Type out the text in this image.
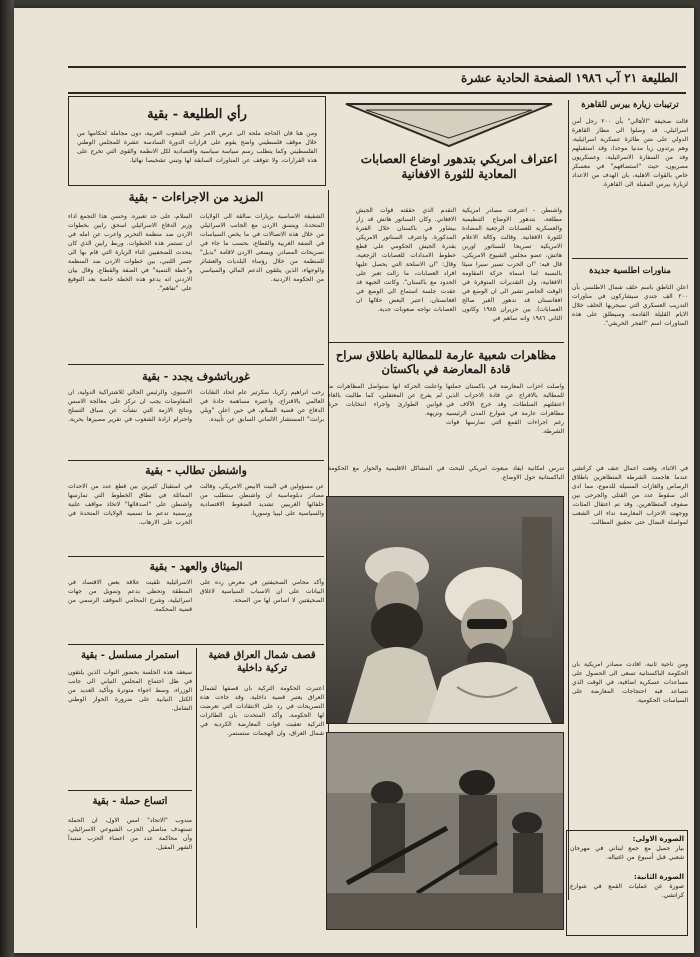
الطليعة ٢١ آب ١٩٨٦ الصفحة الحادية عشرة
ترتيبات زيارة بيرس للقاهرة
قالت صحيفة "الأهالي" بأن ٢٠٠ رجل أمن اسرائيلي، قد وصلوا الى مطار القاهرة الدولي على متن طائرة عسكرية اسرائيلية، وهم يرتدون زيا مدنيا موحدا، وقد استقبلهم وفد من السفارة الاسرائيلية، وعسكريون مصريون، حيث "استضافهم" في معسكر خاص بالقوات الاهلية، بان الهدف من الاعداد لزيارة بيرس المقبلة الى القاهرة.
مناورات اطلسية جديدة
اعلن الناطق باسم حلف شمال الاطلسي بأن ٢٠٠ الف جندي سيشاركون في مناورات التدريب العسكري التي سيجريها الحلف خلال الايام القليلة القادمة، وسيطلق على هذه المناورات اسم "الفجر الخريفي".
الصورة الاولى:
بيار جميل مع جمع لبناني في مهرجان شعبي قبل أسبوع من اغتياله.
الصورة الثانية:
صورة عن عمليات القمع في شوارع كراتشي.
اعتراف امريكي بتدهور اوضاع العصابات المعادية للثورة الافغانية
واشنطن - اعترفت مصادر امريكية مطلعة، بتدهور الاوضاع التنظيمية والعسكرية للعصابات الرجعية المضادة للثورة الافغانية. وقالت وكالة الاعلام الامريكية تصريحا للسناتور اوربن هاتش، عضو مجلس الشيوخ الامريكي، قال فيه: "ان الحرب تسير سيرا سيئا بالنسبة لما اسماه حركة المقاومة الافغانية، وان التقديرات المتوفرة في الوقت الحاضر تشير الى ان الوضع في افغانستان قد تدهور (لغير صالح العصابات). بين حزيران ١٩٨٥ وكانون الثاني ١٩٨٦ وانه ساهم في
التقدم الذي حققته قوات الجيش الافغاني. وكان السناتور هاتش قد زار بيشاور في باكستان خلال الفترة المذكورة. واعترف السناتور الامريكي بقدرة الجيش الحكومي على قطع خطوط الامدادات للعصابات الرجعية، وقال: "ان الاسلحة التي يحصل عليها افراد العصابات، ما زالت تعبر على الحدود مع باكستان". وكانت الجبهة قد عقدت جلسة استماع الى الوضع في افغانستان، اعتبر البعض خلالها ان العصابات تواجه صعوبات جدية.
رأي الطليعة - بقية
ومن هنا فان الحاجة ملحة الى عرض الامر على الشعوب العربية، دون مجاملة لحكامها من خلال موقف فلسطيني واضح يقوم على قرارات الدورة السادسة عشرة للمجلس الوطني الفلسطيني وكما يتطلب رسم سياسة سياسية واقتصادية لكل الانظمة والقوى التي تخرج على هذه القرارات، ولا تتوقف عن المناورات السابقة لها وتبني تشخيصا نهائيا.
المزيد من الاجراءات - بقية
السلام، على حد تعبيره. وحسن هذا التجمع اداء وزير الدفاع الاسرائيلي اسحق رابين بخطوات الاردن ضد منظمة التحرير واعرب عن امله في ان تستمر هذه الخطوات. وربط رابين الذي كان يتحدث للصحفيين اثناء الزيارة التي قام بها الى جسر اللنبي، بين خطوات الاردن ضد المنظمة و"خطة التنمية" في الضفة والقطاع. وقال بيان الاردني انه يدعو هذه الخطة خاصة بعد التوقيع على "تفاهم".
الشقيقة الاساسية بزيارات سالقة الى الولايات المتحدة. وينسق الاردن مع الجانب الاسرائيلي من خلال هذه الاتصالات في ما يخص السياسات في الضفة الغربية والقطاع، بحسب ما جاء في تصريحات المصادر. ويسعى الاردن لاقامة "بديل" للمنظمة من خلال رؤساء البلديات والعشائر والوجهاء، الذين يتلقون الدعم المالي والسياسي من الحكومة الاردنية.
غورباتشوف يجدد - بقية
الاسيوي، والرئيس الحالي للاشتراكية الدولية، ان المفاوضات يجب ان تركز على معالجة الاسس ونتائج الازمة التي نشأت عن سباق التسلح واحترام ارادة الشعوب في تقرير مصيرها بحرية.
رحب ابراهيم زكريا، سكرتير عام اتحاد النقابات العالمي بالاقتراح، واعتبره مساهمة جادة في الدفاع عن قضية السلام، في حين اعلن "ويلي برانت" المستشار الالماني السابق عن تأييده.
واشنطن تطالب - بقية
في استقبال كثيرين بين قطع عدد من الاحداث المماثلة في نطاق الخطوط التي تمارسها واشنطن على "اصدقائها" لاتخاذ مواقف علنية ورسمية تدعم ما تسميه الولايات المتحدة في الحرب على الارهاب.
عن مسؤولين في البيت الابيض الامريكي، وقالت مصادر دبلوماسية ان واشنطن ستطلب من حلفائها الغربيين تشديد الضغوط الاقتصادية والسياسية على ليبيا وسوريا.
الميثاق والعهد - بقية
الاسرائيلية تلقيت علاقة بعض الاقتصاد في المنطقة وتحظى بدعم وتمويل من جهات اسرائيلية، وشرح المحامي الموقف الرسمي من قضية المحكمة.
وأكد محامي الصحيفتين في معرض رده على البيانات على ان الاسباب السياسية لاغلاق الصحيفتين لا اساس لها من الصحة.
استمرار مسلسل - بقية
سيعقد هذه الجلسة بحضور النواب الذين يلتقون في ظل اجتماع المجلس النيابي الى جانب الوزراء، وسط اجواء متوترة وتأكيد العديد من الكتل النيابية على ضرورة الحوار الوطني الشامل.
اتساع حملة - بقية
مندوب "الاتحاد" امس الاول، ان الحملة تستهدف مناضلي الحزب الشيوعي الاسرائيلي، وأن محاكمة عدد من اعضاء الحزب ستبدأ الشهر المقبل.
قصف شمال العراق قضية تركية داخلية
اعتبرت الحكومة التركية بان قصفها لشمال العراق يعتبر قضية داخلية. وقد جاءت هذه التصريحات في رد على الانتقادات التي تعرضت لها الحكومة، وأكد المتحدث بان الطائرات التركية تعقبت قوات المعارضة الكردية في شمال العراق، وان الهجمات ستستمر.
مظاهرات شعبية عارمة للمطالبة باطلاق سراح قادة المعارضة في باكستان
واصلت احزاب المعارضة في باكستان حملتها للمطالبة بالافراج عن قادة الاحزاب الذين اعتقلتهم السلطات، وقد خرج الآلاف في مظاهرات عارمة في شوارع المدن الرئيسية رغم اجراءات القمع التي تمارسها قوات الشرطة.
واعلنت الحركة انها ستواصل المظاهرات ما لم يفرج عن المعتقلين، كما طالبت بالغاء قوانين الطوارئ واجراء انتخابات حرة ونزيهة.
تدرس امكانية ايفاد مبعوث امريكي للبحث في المشاكل الاقليمية والحوار مع الحكومة الباكستانية حول الاوضاع.
في الاثناء، وقعت اعمال عنف في كراتشي عندما هاجمت الشرطة المتظاهرين باطلاق الرصاص والغازات المسيلة للدموع، مما ادى الى سقوط عدد من القتلى والجرحى بين صفوف المتظاهرين. وقد تم اعتقال المئات، ووجهت الاحزاب المعارضة نداء الى الشعب لمواصلة النضال حتى تحقيق المطالب.
ومن ناحية ثانية، افادت مصادر امريكية بان الحكومة الباكستانية تسعى الى الحصول على مساعدات عسكرية اضافية، في الوقت الذي تتصاعد فيه احتجاجات المعارضة على السياسات الحكومية.
